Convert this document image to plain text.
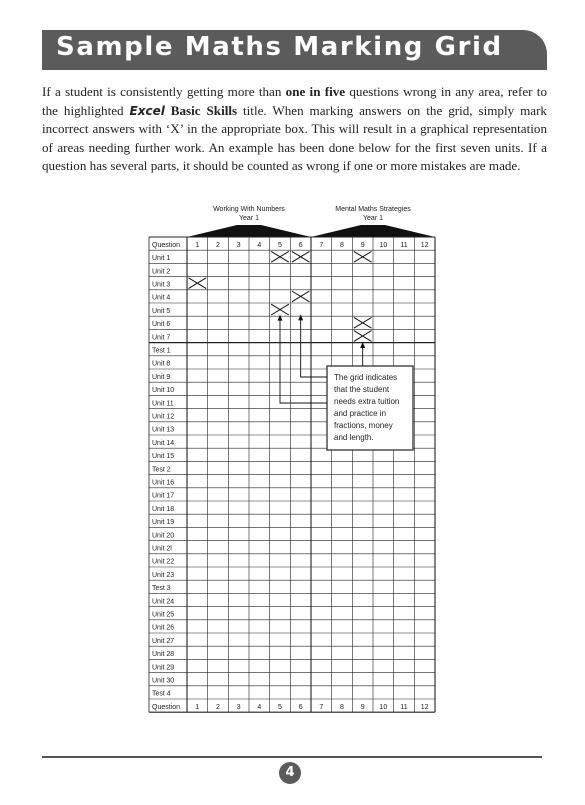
Sample Maths Marking Grid
If a student is consistently getting more than one in five questions wrong in any area, refer to the highlighted Excel Basic Skills title. When marking answers on the grid, simply mark incorrect answers with ‘X’ in the appropriate box. This will result in a graphical representation of areas needing further work. An example has been done below for the first seven units. If a question has several parts, it should be counted as wrong if one or more mistakes are made.
Working With Numbers
Year 1
Mental Maths Strategies
Year 1
Question 1 2 3 4 5 6 7 8 9 10 11 12
Unit 1
Unit 2
Unit 3
Unit 4
Unit 5
Unit 6
Unit 7
Test 1
Unit 8
Unit 9
Unit 10
Unit 11
Unit 12
Unit 13
Unit 14
Unit 15
Test 2
Unit 16
Unit 17
Unit 18
Unit 19
Unit 20
Unit 2l
Unit 22
Unit 23
Test 3
Unit 24
Unit 25
Unit 26
Unit 27
Unit 28
Unit 29
Unit 30
Test 4
Question 1 2 3 4 5 6 7 8 9 10 11 12
The grid indicates
that the student
needs extra tuition
and practice in
fractions, money
and length.
4
